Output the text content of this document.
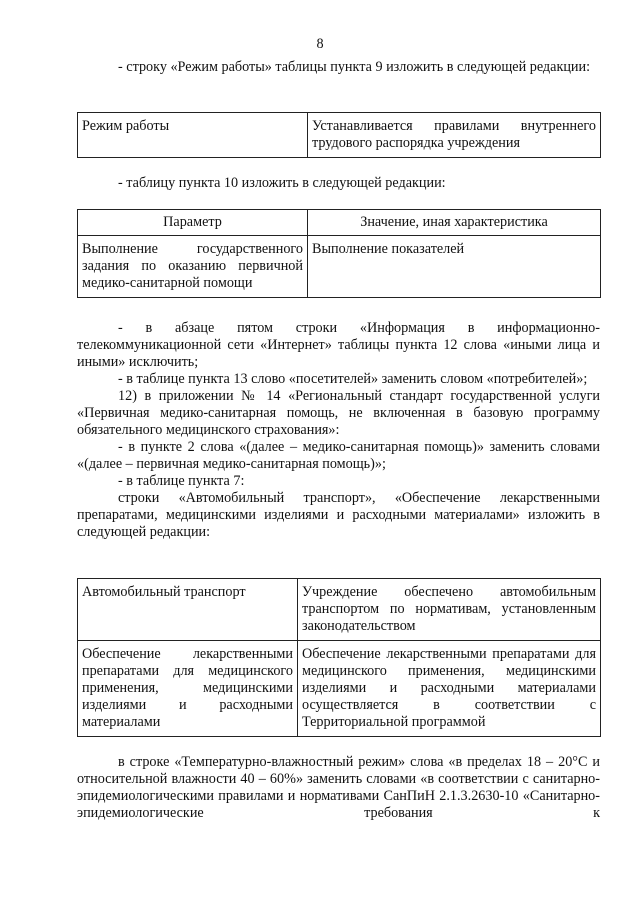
8

- строку «Режим работы» таблицы пункта 9 изложить в следующей редакции:

Режим работы	Устанавливается правилами внутреннего трудового распорядка учреждения

- таблицу пункта 10 изложить в следующей редакции:

Параметр	Значение, иная характеристика
Выполнение государственного задания по оказанию первичной медико-санитарной помощи	Выполнение показателей

- в абзаце пятом строки «Информация в информационно-телекоммуникационной сети «Интернет» таблицы пункта 12 слова «иными лица и иными» исключить;

- в таблице пункта 13 слово «посетителей» заменить словом «потребителей»;

12) в приложении № 14 «Региональный стандарт государственной услуги «Первичная медико-санитарная помощь, не включенная в базовую программу обязательного медицинского страхования»:

- в пункте 2 слова «(далее – медико-санитарная помощь)» заменить словами «(далее – первичная медико-санитарная помощь)»;

- в таблице пункта 7:

строки «Автомобильный транспорт», «Обеспечение лекарственными препаратами, медицинскими изделиями и расходными материалами» изложить в следующей редакции:

Автомобильный транспорт	Учреждение обеспечено автомобильным транспортом по нормативам, установленным законодательством
Обеспечение лекарственными препаратами для медицинского применения, медицинскими изделиями и расходными материалами	Обеспечение лекарственными препаратами для медицинского применения, медицинскими изделиями и расходными материалами осуществляется в соответствии с Территориальной программой

в строке «Температурно-влажностный режим» слова «в пределах 18 – 20°С и относительной влажности 40 – 60%» заменить словами «в соответствии с санитарно-эпидемиологическими правилами и нормативами СанПиН 2.1.3.2630-10 «Санитарно-эпидемиологические требования к
